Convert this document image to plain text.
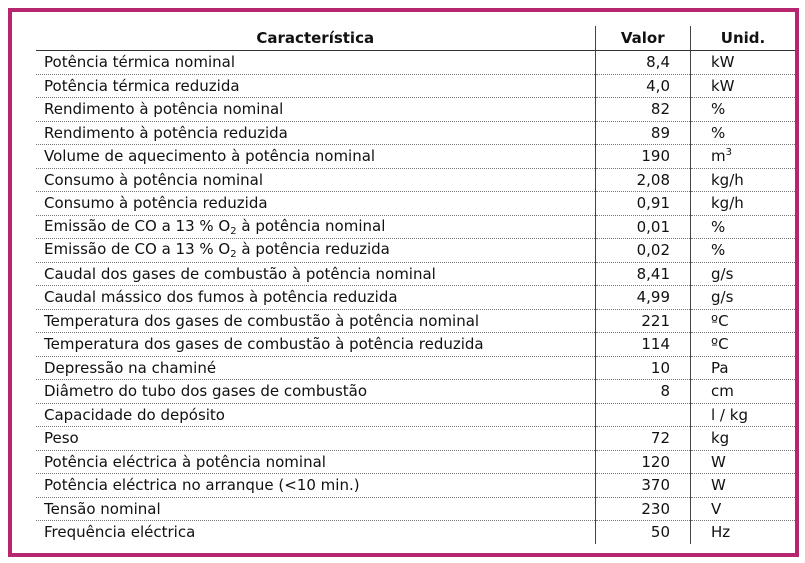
Característica	Valor	Unid.
Potência térmica nominal	8,4	kW
Potência térmica reduzida	4,0	kW
Rendimento à potência nominal	82	%
Rendimento à potência reduzida	89	%
Volume de aquecimento à potência nominal	190	$m^3$
Consumo à potência nominal	2,08	kg/h
Consumo à potência reduzida	0,91	kg/h
Emissão de CO a 13 % $O_2$ à potência nominal	0,01	%
Emissão de CO a 13 % $O_2$ à potência reduzida	0,02	%
Caudal dos gases de combustão à potência nominal	8,41	g/s
Caudal mássico dos fumos à potência reduzida	4,99	g/s
Temperatura dos gases de combustão à potência nominal	221	ºC
Temperatura dos gases de combustão à potência reduzida	114	ºC
Depressão na chaminé	10	Pa
Diâmetro do tubo dos gases de combustão	8	cm
Capacidade do depósito		l / kg
Peso	72	kg
Potência eléctrica à potência nominal	120	W
Potência eléctrica no arranque (<10 min.)	370	W
Tensão nominal	230	V
Frequência eléctrica	50	Hz
